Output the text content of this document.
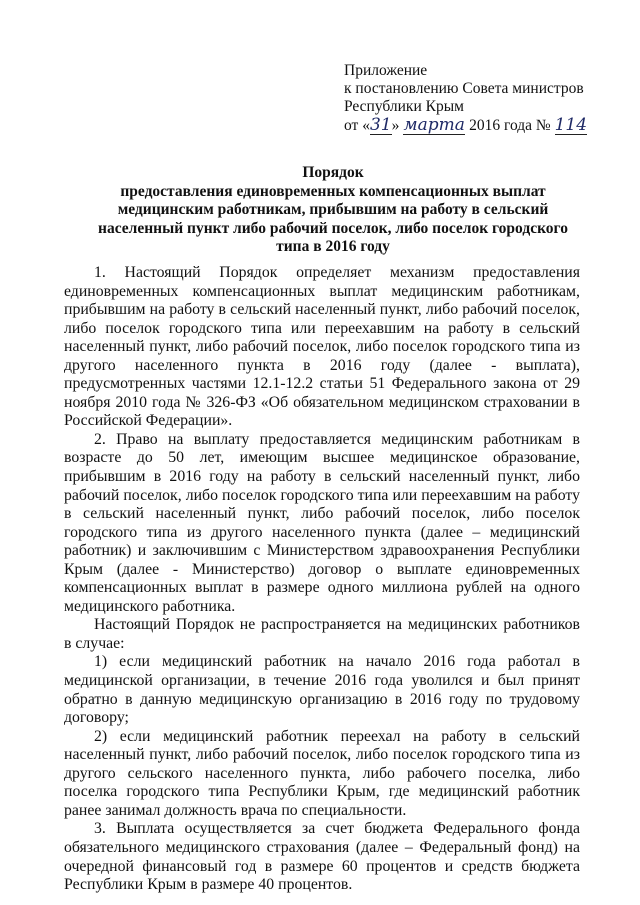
Приложение
к постановлению Совета министров
Республики Крым
от «31» марта 2016 года № 114
Порядок
предоставления единовременных компенсационных выплат
медицинским работникам, прибывшим на работу в сельский
населенный пункт либо рабочий поселок, либо поселок городского
типа в 2016 году

1. Настоящий Порядок определяет механизм предоставления единовременных компенсационных выплат медицинским работникам, прибывшим на работу в сельский населенный пункт, либо рабочий поселок, либо поселок городского типа или переехавшим на работу в сельский населенный пункт, либо рабочий поселок, либо поселок городского типа из другого населенного пункта в 2016 году (далее - выплата), предусмотренных частями 12.1-12.2 статьи 51 Федерального закона от 29 ноября 2010 года № 326-ФЗ «Об обязательном медицинском страховании в Российской Федерации».

2. Право на выплату предоставляется медицинским работникам в возрасте до 50 лет, имеющим высшее медицинское образование, прибывшим в 2016 году на работу в сельский населенный пункт, либо рабочий поселок, либо поселок городского типа или переехавшим на работу в сельский населенный пункт, либо рабочий поселок, либо поселок городского типа из другого населенного пункта (далее – медицинский работник) и заключившим с Министерством здравоохранения Республики Крым (далее - Министерство) договор о выплате единовременных компенсационных выплат в размере одного миллиона рублей на одного медицинского работника.

Настоящий Порядок не распространяется на медицинских работников в случае:

1) если медицинский работник на начало 2016 года работал в медицинской организации, в течение 2016 года уволился и был принят обратно в данную медицинскую организацию в 2016 году по трудовому договору;

2) если медицинский работник переехал на работу в сельский населенный пункт, либо рабочий поселок, либо поселок городского типа из другого сельского населенного пункта, либо рабочего поселка, либо поселка городского типа Республики Крым, где медицинский работник ранее занимал должность врача по специальности.

3. Выплата осуществляется за счет бюджета Федерального фонда обязательного медицинского страхования (далее – Федеральный фонд) на очередной финансовый год в размере 60 процентов и средств бюджета Республики Крым в размере 40 процентов.
